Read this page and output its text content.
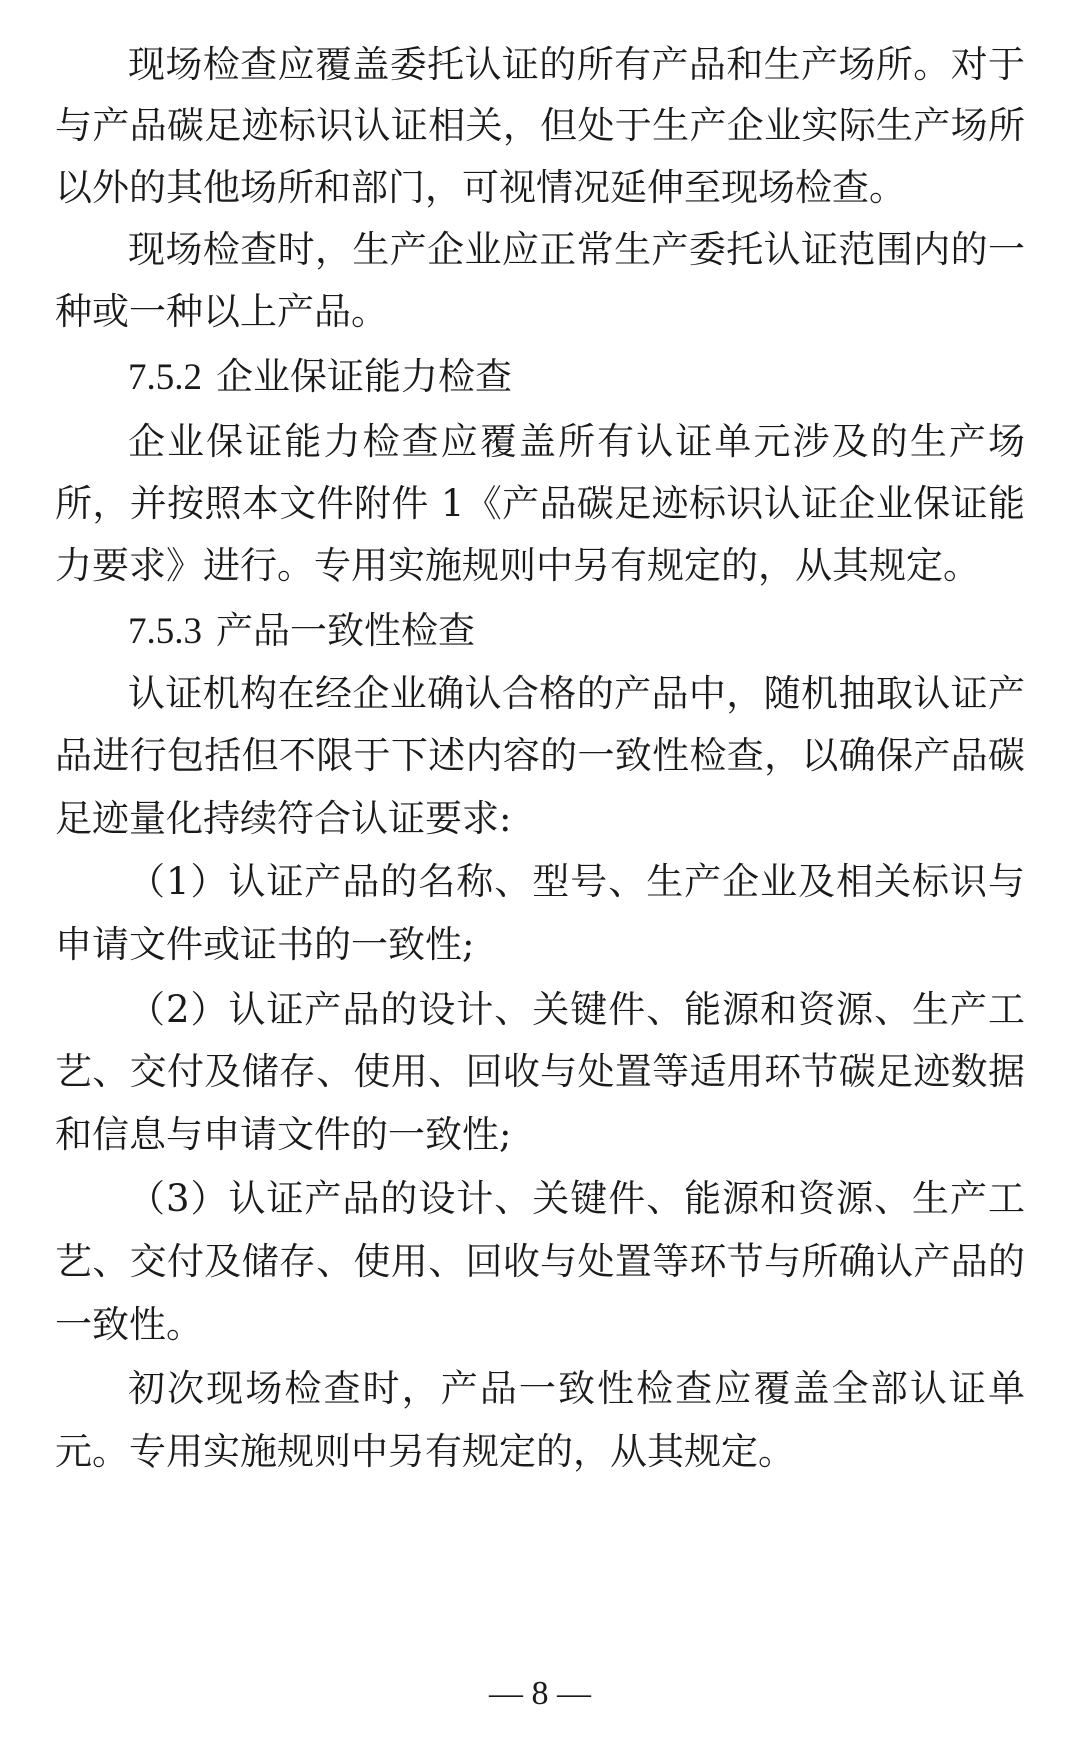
现场检查应覆盖委托认证的所有产品和生产场所。对于
与产品碳足迹标识认证相关，但处于生产企业实际生产场所
以外的其他场所和部门，可视情况延伸至现场检查。
现场检查时，生产企业应正常生产委托认证范围内的一
种或一种以上产品。
7.5.2 企业保证能力检查
企业保证能力检查应覆盖所有认证单元涉及的生产场
所，并按照本文件附件 1《产品碳足迹标识认证企业保证能
力要求》进行。专用实施规则中另有规定的，从其规定。
7.5.3 产品一致性检查
认证机构在经企业确认合格的产品中，随机抽取认证产
品进行包括但不限于下述内容的一致性检查，以确保产品碳
足迹量化持续符合认证要求:
（1）认证产品的名称、型号、生产企业及相关标识与
申请文件或证书的一致性;
（2）认证产品的设计、关键件、能源和资源、生产工
艺、交付及储存、使用、回收与处置等适用环节碳足迹数据
和信息与申请文件的一致性;
（3）认证产品的设计、关键件、能源和资源、生产工
艺、交付及储存、使用、回收与处置等环节与所确认产品的
一致性。
初次现场检查时，产品一致性检查应覆盖全部认证单
元。专用实施规则中另有规定的，从其规定。
— 8 —
